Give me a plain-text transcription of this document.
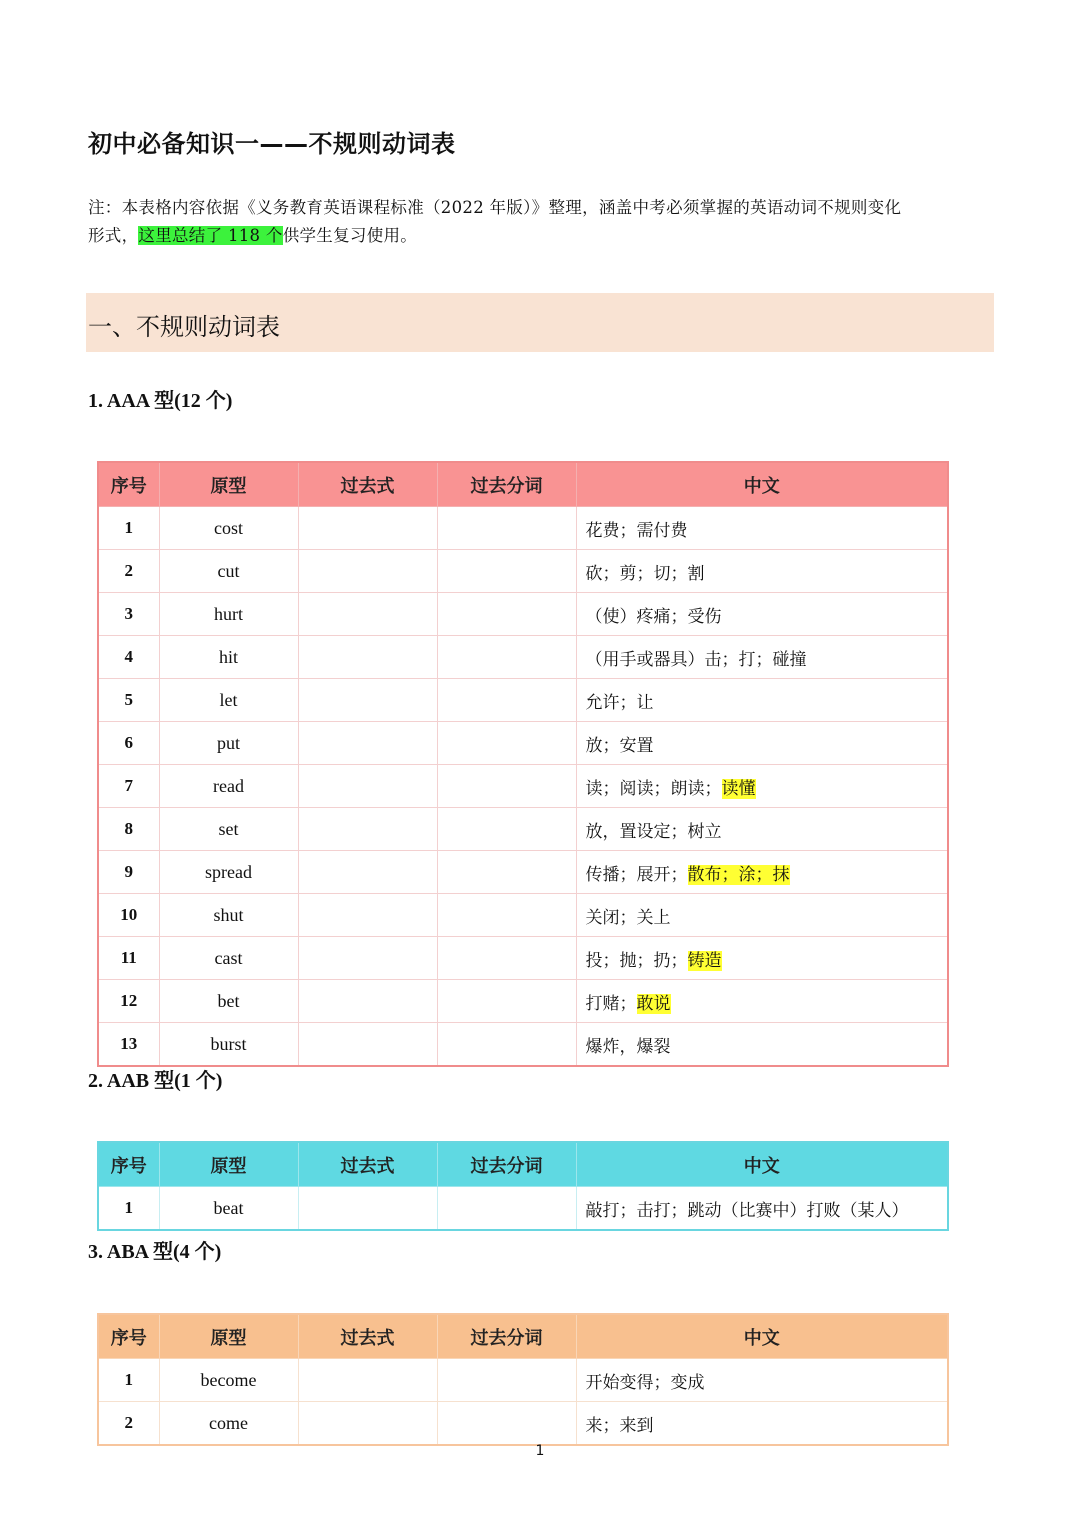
初中必备知识一——不规则动词表
注：本表格内容依据《义务教育英语课程标准（2022 年版）》整理，涵盖中考必须掌握的英语动词不规则变化
形式，这里总结了 118 个供学生复习使用。
一、不规则动词表
1. AAA 型(12 个)
序号	原型	过去式	过去分词	中文
1	cost			花费；需付费
2	cut			砍；剪；切；割
3	hurt			（使）疼痛；受伤
4	hit			（用手或器具）击；打；碰撞
5	let			允许；让
6	put			放；安置
7	read			读；阅读；朗读；读懂
8	set			放，置设定；树立
9	spread			传播；展开；散布；涂；抹
10	shut			关闭；关上
11	cast			投；抛；扔；铸造
12	bet			打赌；敢说
13	burst			爆炸，爆裂
2. AAB 型(1 个)
序号	原型	过去式	过去分词	中文
1	beat			敲打；击打；跳动（比赛中）打败（某人）
3. ABA 型(4 个)
序号	原型	过去式	过去分词	中文
1	become			开始变得；变成
2	come			来；来到
1
